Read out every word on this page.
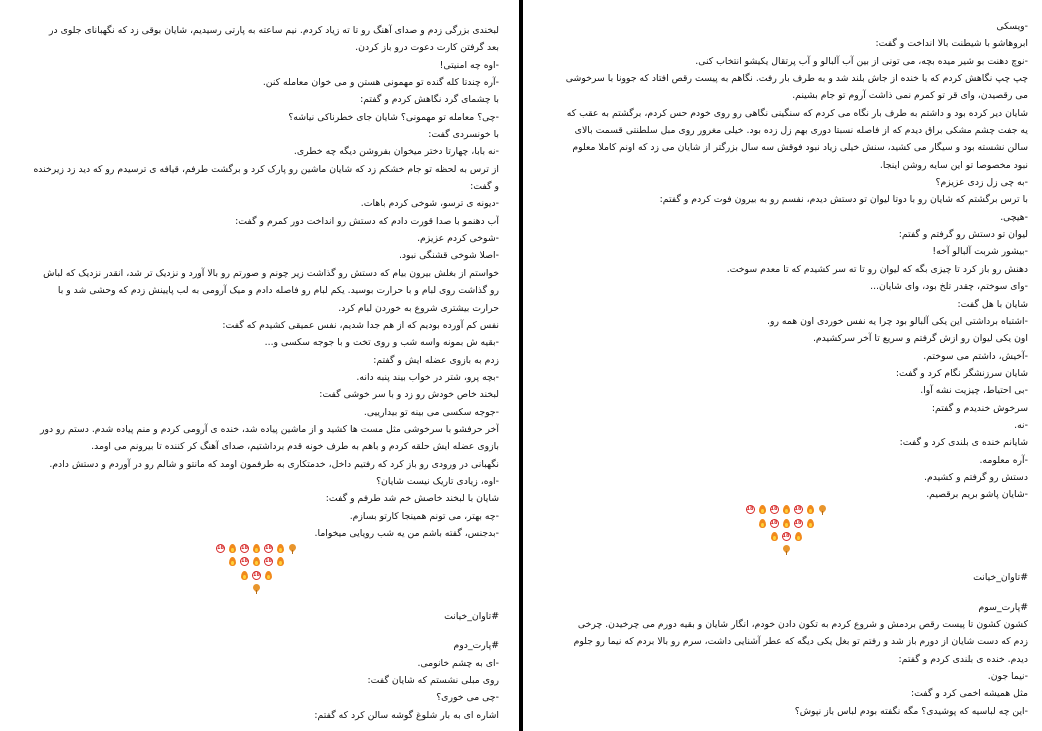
لبخندی بزرگی زدم و صدای آهنگ رو تا ته زیاد کردم. نیم ساعته به پارتی رسیدیم، شایان بوقی زد که نگهبانای جلوی در

بعد گرفتن کارت دعوت درو باز کردن.

-اوه چه امنیتی!

-آره چندتا کله گنده تو مهمونی هستن و می خوان معامله کنن.

با چشمای گرد نگاهش کردم و گفتم:

-چی؟ معامله تو مهمونی؟ شایان جای خطرناکی نیاشه؟

با خونسردی گفت:

-نه بابا، چهارتا دختر میخوان بفروشن دیگه چه خطری.

از ترس به لحظه تو جام خشکم زد که شایان ماشین رو پارک کرد و برگشت طرفم، قیافه ی ترسیدم رو که دید زد زیرخنده

و گفت:

-دیونه ی ترسو، شوخی کردم باهات.

آب دهنمو با صدا قورت دادم که دستش رو انداخت دور کمرم و گفت:

-شوخی کردم عزیزم.

-اصلا شوخی قشنگی نبود.

خواستم از بغلش بیرون بیام که دستش رو گذاشت زیر چونم و صورتم رو بالا آورد و نزدیک تر شد، انقدر نزدیک که لباش

رو گذاشت روی لبام و با حرارت بوسید. یکم لبام رو فاصله دادم و میک آرومی به لب پایینش زدم که وحشی شد و با

حرارت بیشتری شروع به خوردن لبام کرد.

نفس کم آورده بودیم که از هم جدا شدیم، نفس عمیقی کشیدم که گفت:

-بقیه ش بمونه واسه شب و روی تخت و با جوجه سکسی و...

زدم به بازوی عضله ایش و گفتم:

-بچه پرو، شتر در خواب بیند پنبه دانه.

لبخند خاص خودش رو زد و با سر خوشی گفت:

-جوجه سکسی می بینه تو بیدارییی.

آخر حرفشو با سرخوشی مثل مست ها کشید و از ماشین پیاده شد، خنده ی آرومی کردم و منم پیاده شدم. دستم رو دور

بازوی عضله ایش حلقه کردم و باهم به طرف خونه قدم برداشتیم، صدای آهنگ کر کننده تا بیرونم می اومد.

نگهبانی در ورودی رو باز کرد که رفتیم داخل، خدمتکاری به طرفمون اومد که مانتو و شالم رو در آوردم و دستش دادم.

-اوه، زیادی تاریک نیست شایان؟

شایان با لبخند خاصش خم شد طرفم و گفت:

-چه بهتر، می تونم همینجا کارتو بسازم.

-بدجنس، گفته باشم من یه شب رویایی میخواما.

181818
1818
18

#تاوان_خیانت

#پارت_دوم

-ای به چشم خانومی.

روی مبلی نشستم که شایان گفت:

-چی می خوری؟

اشاره ای به بار شلوغ گوشه سالن کرد که گفتم:

-ویسکی

ابروهاشو با شیطنت بالا انداخت و گفت:

-نوچ دهنت بو شیر میده بچه، می تونی از بین آب آلبالو و آب پرتقال یکیشو انتخاب کنی.

چپ چپ نگاهش کردم که با خنده از جاش بلند شد و به طرف بار رفت. نگاهم به پیست رقص افتاد که جوونا با سرخوشی

می رقصیدن، وای قر تو کمرم نمی ذاشت آروم تو جام بشینم.

شایان دیر کرده بود و داشتم به طرف بار نگاه می کردم که سنگینی نگاهی رو روی خودم حس کردم، برگشتم به عقب که

یه جفت چشم مشکی براق دیدم که از فاصله نسبتا دوری بهم زل زده بود. خیلی مغرور روی مبل سلطنتی قسمت بالای

سالن نشسته بود و سیگار می کشید، سنش خیلی زیاد نبود فوقش سه سال بزرگتر از شایان می زد که اونم کاملا معلوم

نبود مخصوصا تو این سایه روشن اینجا.

-به چی زل زدی عزیزم؟

با ترس برگشتم که شایان رو با دوتا لیوان تو دستش دیدم، نفسم رو به بیرون فوت کردم و گفتم:

-هیچی.

لیوان تو دستش رو گرفتم و گفتم:

-بیشور شربت آلبالو آخه!

دهنش رو باز کرد تا چیزی بگه که لیوان رو تا ته سر کشیدم که تا معدم سوخت.

-وای سوختم، چقدر تلخ بود، وای شایان...

شایان با هل گفت:

-اشتباه برداشتی این یکی آلبالو بود چرا یه نفس خوردی اون همه رو.

اون یکی لیوان رو ازش گرفتم و سریع تا آخر سرکشیدم.

-آخیش، داشتم می سوختم.

شایان سرزنشگر نگام کرد و گفت:

-بی احتیاط، چیزیت نشه آوا.

سرخوش خندیدم و گفتم:

-نه.

شایانم خنده ی بلندی کرد و گفت:

-آره معلومه.

دستش رو گرفتم و کشیدم.

-شایان پاشو بریم برقصیم.

181818
1818
18

#تاوان_خیانت

#پارت_سوم

کشون کشون تا پیست رقص بردمش و شروع کردم به تکون دادن خودم، انگار شایان و بقیه دورم می چرخیدن. چرخی

زدم که دست شایان از دورم باز شد و رفتم تو بغل یکی دیگه که عطر آشنایی داشت، سرم رو بالا بردم که نیما رو جلوم

دیدم. خنده ی بلندی کردم و گفتم:

-نیما جون.

مثل همیشه اخمی کرد و گفت:

-این چه لباسیه که پوشیدی؟ مگه نگفته بودم لباس باز نپوش؟
